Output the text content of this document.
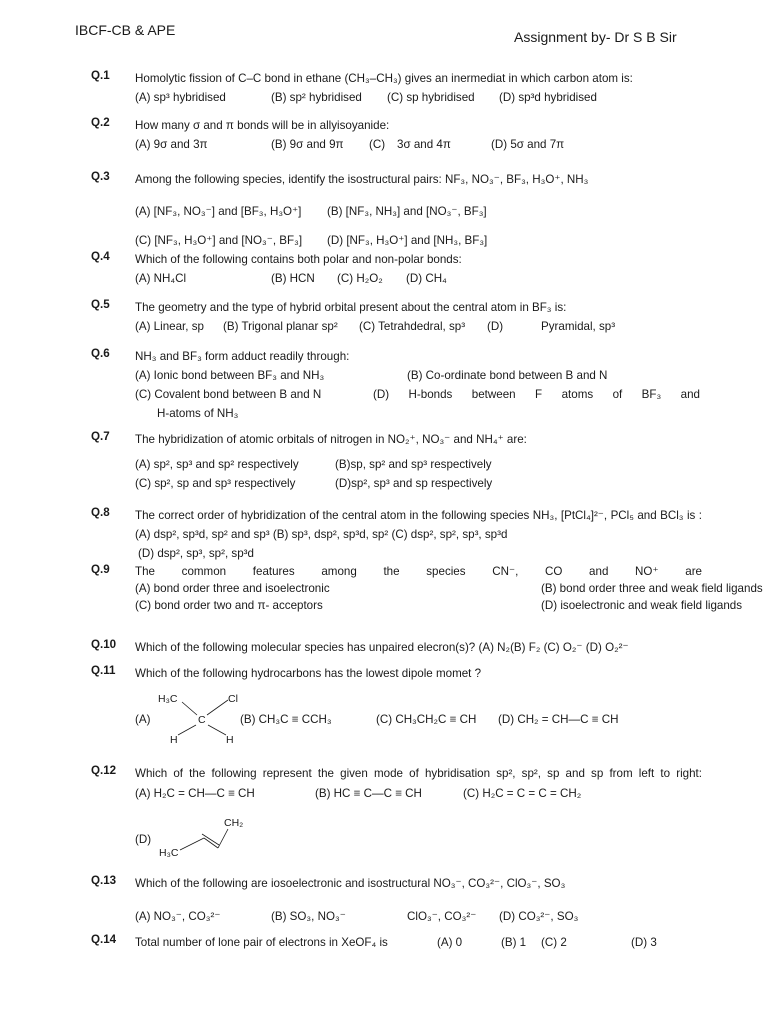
IBCF-CB & APE	Assignment by- Dr S B Sir
Q.1	Homolytic fission of C–C bond in ethane (CH₃–CH₃) gives an inermediat in which carbon atom is:
(A) sp³ hybridised	(B) sp² hybridised	(C) sp hybridised	(D) sp³d hybridised
Q.2	How many σ and π bonds will be in allyisoyanide:
(A) 9σ and 3π	(B) 9σ and 9π	(C)	3σ and 4π	(D) 5σ and 7π
Q.3	Among the following species, identify the isostructural pairs: NF₃, NO₃⁻, BF₃, H₃O⁺, NH₃
(A) [NF₃, NO₃⁻] and [BF₃, H₃O⁺]	(B) [NF₃, NH₃] and [NO₃⁻, BF₃]
(C) [NF₃, H₃O⁺] and [NO₃⁻, BF₃]	(D) [NF₃, H₃O⁺] and [NH₃, BF₃]
Q.4	Which of the following contains both polar and non-polar bonds:
(A) NH₄Cl	(B) HCN	(C) H₂O₂	(D) CH₄
Q.5	The geometry and the type of hybrid orbital present about the central atom in BF₃ is:
(A) Linear, sp	(B) Trigonal planar sp²	(C) Tetrahdedral, sp³	(D)	Pyramidal, sp³
Q.6	NH₃ and BF₃ form adduct readily through:
(A) Ionic bond between BF₃ and NH₃	(B) Co-ordinate bond between B and N
(C) Covalent bond between B and N	(D) H-bonds between F atoms of BF₃ and
H-atoms of NH₃
Q.7	The hybridization of atomic orbitals of nitrogen in NO₂⁺, NO₃⁻ and NH₄⁺ are:
(A) sp², sp³ and sp² respectively	(B)sp, sp² and sp³ respectively
(C) sp², sp and sp³ respectively	(D)sp², sp³ and sp respectively
Q.8	The correct order of hybridization of the central atom in the following species NH₃, [PtCl₄]²⁻, PCl₅ and BCl₃ is : (A) dsp², sp³d, sp² and sp³ (B) sp³, dsp², sp³d, sp² (C) dsp², sp², sp³, sp³d
(D) dsp², sp³, sp², sp³d
Q.9	The common features among the species CN⁻, CO and NO⁺ are
(A) bond order three and isoelectronic	(B) bond order three and weak field ligands
(C) bond order two and π- acceptors	(D) isoelectronic and weak field ligands
Q.10	Which of the following molecular species has unpaired elecron(s)?
(A) N₂ (B) F₂
(C) O₂⁻
(D) O₂²⁻
Q.11	Which of the following hydrocarbons has the lowest dipole momet ?
(A)
H₃C	Cl
C
H	H
(B) CH₃C ≡ CCH₃	(C) CH₃CH₂C ≡ CH	(D) CH₂ = CH—C ≡ CH
Q.12	Which of the following represent the given mode of hybridisation sp², sp², sp and sp from left to right:
(A) H₂C = CH—C ≡ CH	(B) HC ≡ C—C ≡ CH	(C) H₂C = C = C = CH₂
(D)
CH₂
H₃C
Q.13	Which of the following are iosoelectronic and isostructural NO₃⁻, CO₃²⁻, ClO₃⁻, SO₃
(A) NO₃⁻, CO₃²⁻	(B) SO₃, NO₃⁻	ClO₃⁻, CO₃²⁻	(D) CO₃²⁻, SO₃
Q.14	Total number of lone pair of electrons in XeOF₄ is	(A) 0	(B) 1	(C) 2	(D) 3
